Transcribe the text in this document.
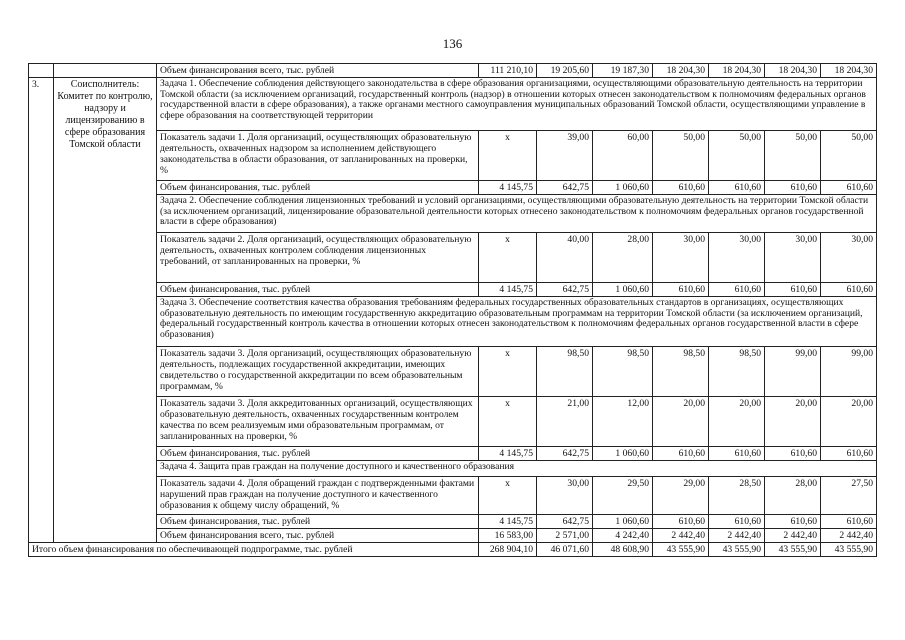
136
		Объем финансирования всего, тыс. рублей	111 210,10	19 205,60	19 187,30	18 204,30	18 204,30	18 204,30	18 204,30
3.	Соисполнитель: Комитет по контролю, надзору и лицензированию в сфере образования Томской области	Задача 1. Обеспечение соблюдения действующего законодательства в сфере образования организациями, осуществляющими образовательную деятельность на территории Томской области (за исключением организаций, государственный контроль (надзор) в отношении которых отнесен законодательством к полномочиям федеральных органов государственной власти в сфере образования), а также органами местного самоуправления муниципальных образований Томской области, осуществляющими управление в сфере образования на соответствующей территории							
		Показатель задачи 1. Доля организаций, осуществляющих образовательную деятельность, охваченных надзором за исполнением действующего законодательства в области образования, от запланированных на проверки, %	х	39,00	60,00	50,00	50,00	50,00	50,00
		Объем финансирования, тыс. рублей	4 145,75	642,75	1 060,60	610,60	610,60	610,60	610,60
		Задача 2. Обеспечение соблюдения лицензионных требований и условий организациями, осуществляющими образовательную деятельность на территории Томской области (за исключением организаций, лицензирование образовательной деятельности которых отнесено законодательством к полномочиям федеральных органов государственной власти в сфере образования)							
		Показатель задачи 2. Доля организаций, осуществляющих образовательную деятельность, охваченных контролем соблюдения лицензионных требований, от запланированных на проверки, %	х	40,00	28,00	30,00	30,00	30,00	30,00
		Объем финансирования, тыс. рублей	4 145,75	642,75	1 060,60	610,60	610,60	610,60	610,60
		Задача 3. Обеспечение соответствия качества образования требованиям федеральных государственных образовательных стандартов в организациях, осуществляющих образовательную деятельность по имеющим государственную аккредитацию образовательным программам на территории Томской области (за исключением организаций, федеральный государственный контроль качества в отношении которых отнесен законодательством к полномочиям федеральных органов государственной власти в сфере образования)							
		Показатель задачи 3. Доля организаций, осуществляющих образовательную деятельность, подлежащих государственной аккредитации, имеющих свидетельство о государственной аккредитации по всем образовательным программам, %	х	98,50	98,50	98,50	98,50	99,00	99,00
		Показатель задачи 3. Доля аккредитованных организаций, осуществляющих образовательную деятельность, охваченных государственным контролем качества по всем реализуемым ими образовательным программам, от запланированных на проверки, %	х	21,00	12,00	20,00	20,00	20,00	20,00
		Объем финансирования, тыс. рублей	4 145,75	642,75	1 060,60	610,60	610,60	610,60	610,60
		Задача 4. Защита прав граждан на получение доступного и качественного образования							
		Показатель задачи 4. Доля обращений граждан с подтвержденными фактами нарушений прав граждан на получение доступного и качественного образования к общему числу обращений, %	х	30,00	29,50	29,00	28,50	28,00	27,50
		Объем финансирования, тыс. рублей	4 145,75	642,75	1 060,60	610,60	610,60	610,60	610,60
		Объем финансирования всего, тыс. рублей	16 583,00	2 571,00	4 242,40	2 442,40	2 442,40	2 442,40	2 442,40
Итого объем финансирования по обеспечивающей подпрограмме, тыс. рублей			268 904,10	46 071,60	48 608,90	43 555,90	43 555,90	43 555,90	43 555,90
